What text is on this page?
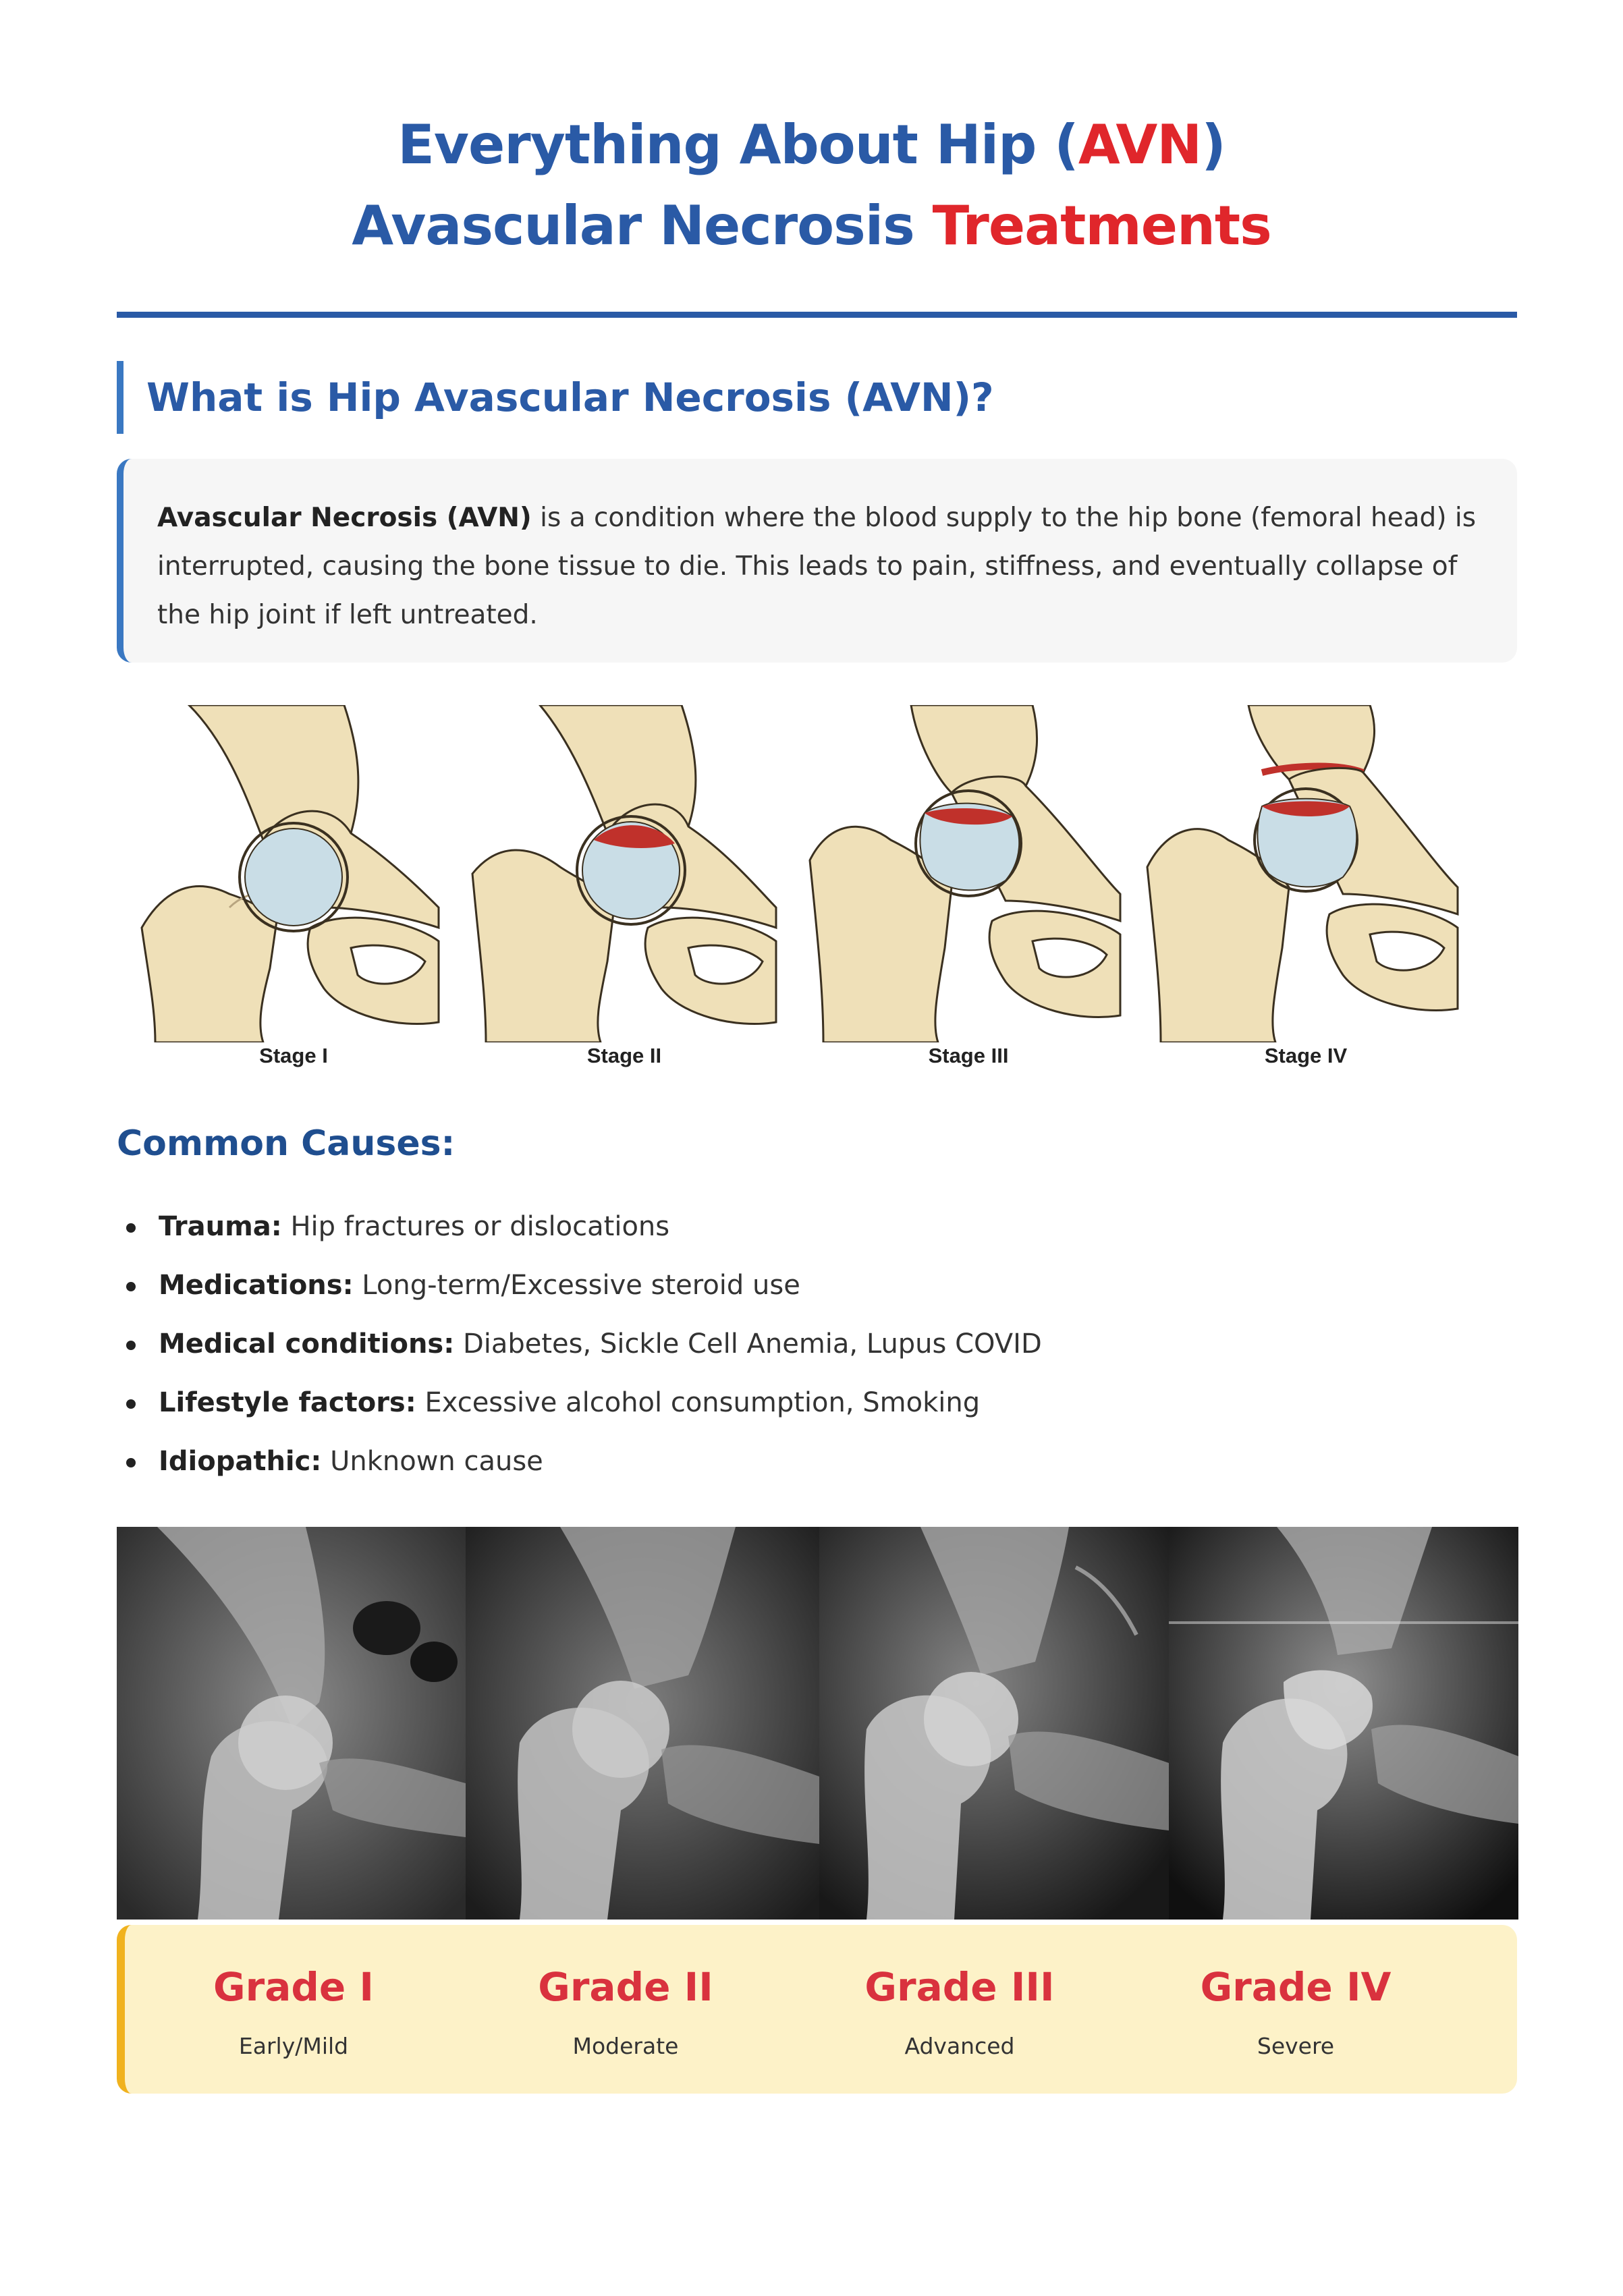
Everything About Hip (AVN)
Avascular Necrosis Treatments
What is Hip Avascular Necrosis (AVN)?
Avascular Necrosis (AVN) is a condition where the blood supply to the hip bone (femoral head) is interrupted, causing the bone tissue to die. This leads to pain, stiffness, and eventually collapse of the hip joint if left untreated.
Stage I	Stage II	Stage III	Stage IV
Common Causes:
Trauma: Hip fractures or dislocations
Medications: Long-term/Excessive steroid use
Medical conditions: Diabetes, Sickle Cell Anemia, Lupus COVID
Lifestyle factors: Excessive alcohol consumption, Smoking
Idiopathic: Unknown cause
Grade I
Early/Mild
Grade II
Moderate
Grade III
Advanced
Grade IV
Severe
